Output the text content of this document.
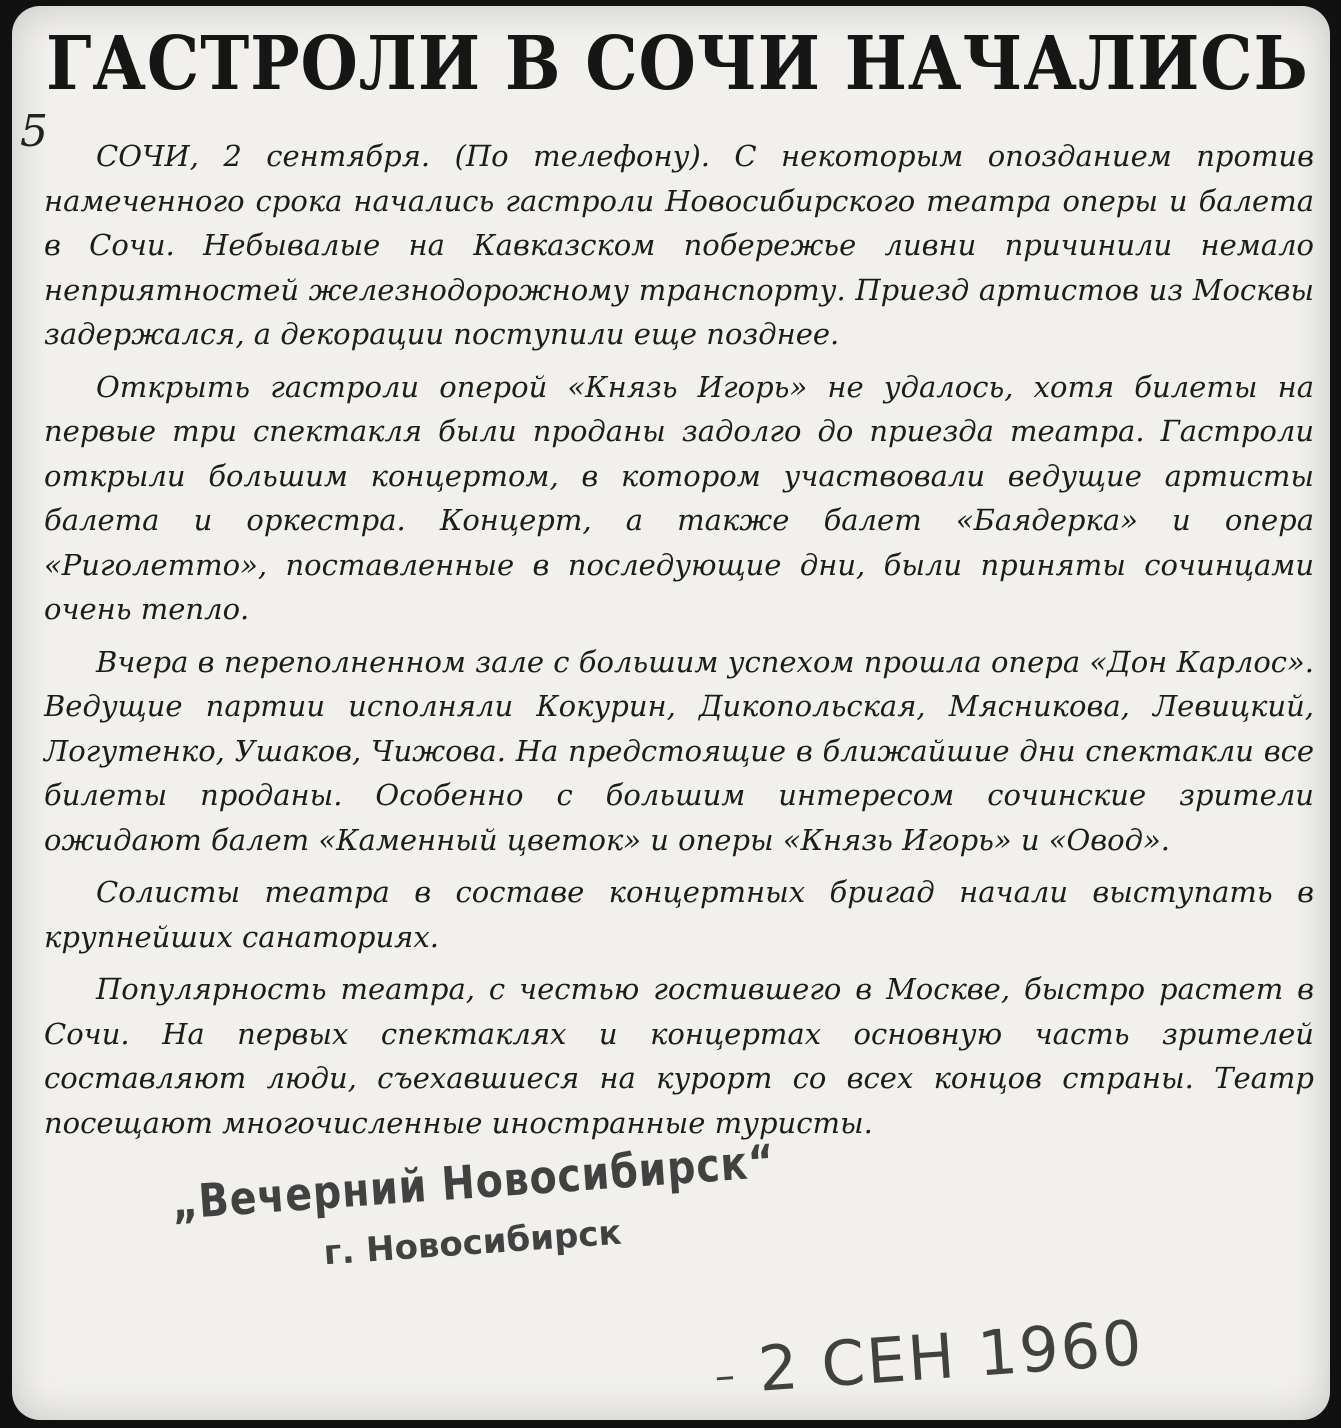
ГАСТРОЛИ В СОЧИ НАЧАЛИСЬ
5	СОЧИ, 2 сентября. (По телефону). С некоторым опозданием против намеченного срока начались гастроли Новосибирского театра оперы и балета в Сочи. Небывалые на Кавказском побережье ливни причинили немало неприятностей железнодорожному транспорту. Приезд артистов из Москвы задержался, а декорации поступили еще позднее.

Открыть гастроли оперой «Князь Игорь» не удалось, хотя билеты на первые три спектакля были проданы задолго до приезда театра. Гастроли открыли большим концертом, в котором участвовали ведущие артисты балета и оркестра. Концерт, а также балет «Баядерка» и опера «Риголетто», поставленные в последующие дни, были приняты сочинцами очень тепло.

Вчера в переполненном зале с большим успехом прошла опера «Дон Карлос». Ведущие партии исполняли Кокурин, Дикопольская, Мясникова, Левицкий, Логутенко, Ушаков, Чижова. На предстоящие в ближайшие дни спектакли все билеты проданы. Особенно с большим интересом сочинские зрители ожидают балет «Каменный цветок» и оперы «Князь Игорь» и «Овод».

Солисты театра в составе концертных бригад начали выступать в крупнейших санаториях.

Популярность театра, с честью гостившего в Москве, быстро растет в Сочи. На первых спектаклях и концертах основную часть зрителей составляют люди, съехавшиеся на курорт со всех концов страны. Театр посещают многочисленные иностранные туристы.

„Вечерний Новосибирск“
г. Новосибирск
– 2 СЕН 1960
